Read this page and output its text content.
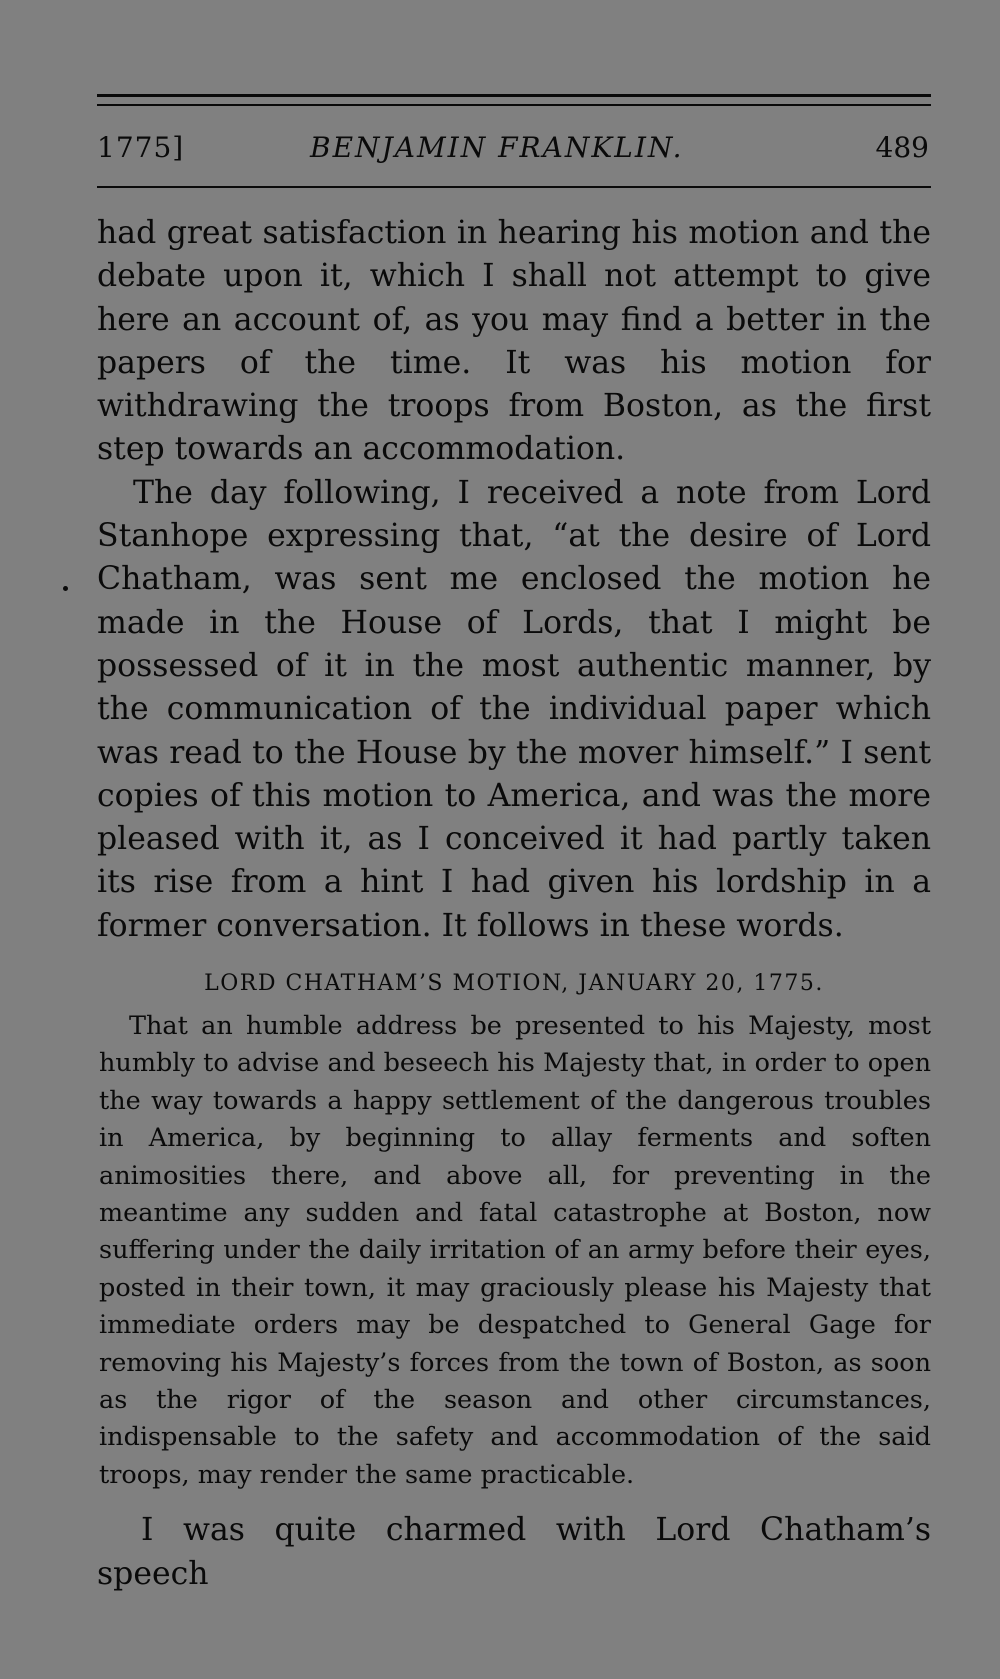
1775]	BENJAMIN FRANKLIN.	489

had great satisfaction in hearing his motion and the debate upon it, which I shall not attempt to give here an account of, as you may find a better in the papers of the time. It was his motion for withdrawing the troops from Boston, as the first step towards an accommodation.

The day following, I received a note from Lord Stanhope expressing that, “at the desire of Lord Chatham, was sent me enclosed the motion he made in the House of Lords, that I might be possessed of it in the most authentic manner, by the communication of the individual paper which was read to the House by the mover himself.” I sent copies of this motion to America, and was the more pleased with it, as I conceived it had partly taken its rise from a hint I had given his lordship in a former conversation. It follows in these words.

LORD CHATHAM’S MOTION, JANUARY 20, 1775.

That an humble address be presented to his Majesty, most humbly to advise and beseech his Majesty that, in order to open the way towards a happy settlement of the dangerous troubles in America, by beginning to allay ferments and soften animosities there, and above all, for preventing in the meantime any sudden and fatal catastrophe at Boston, now suffering under the daily irritation of an army before their eyes, posted in their town, it may graciously please his Majesty that immediate orders may be despatched to General Gage for removing his Majesty’s forces from the town of Boston, as soon as the rigor of the season and other circumstances, indispensable to the safety and accommodation of the said troops, may render the same practicable.

I was quite charmed with Lord Chatham’s speech
